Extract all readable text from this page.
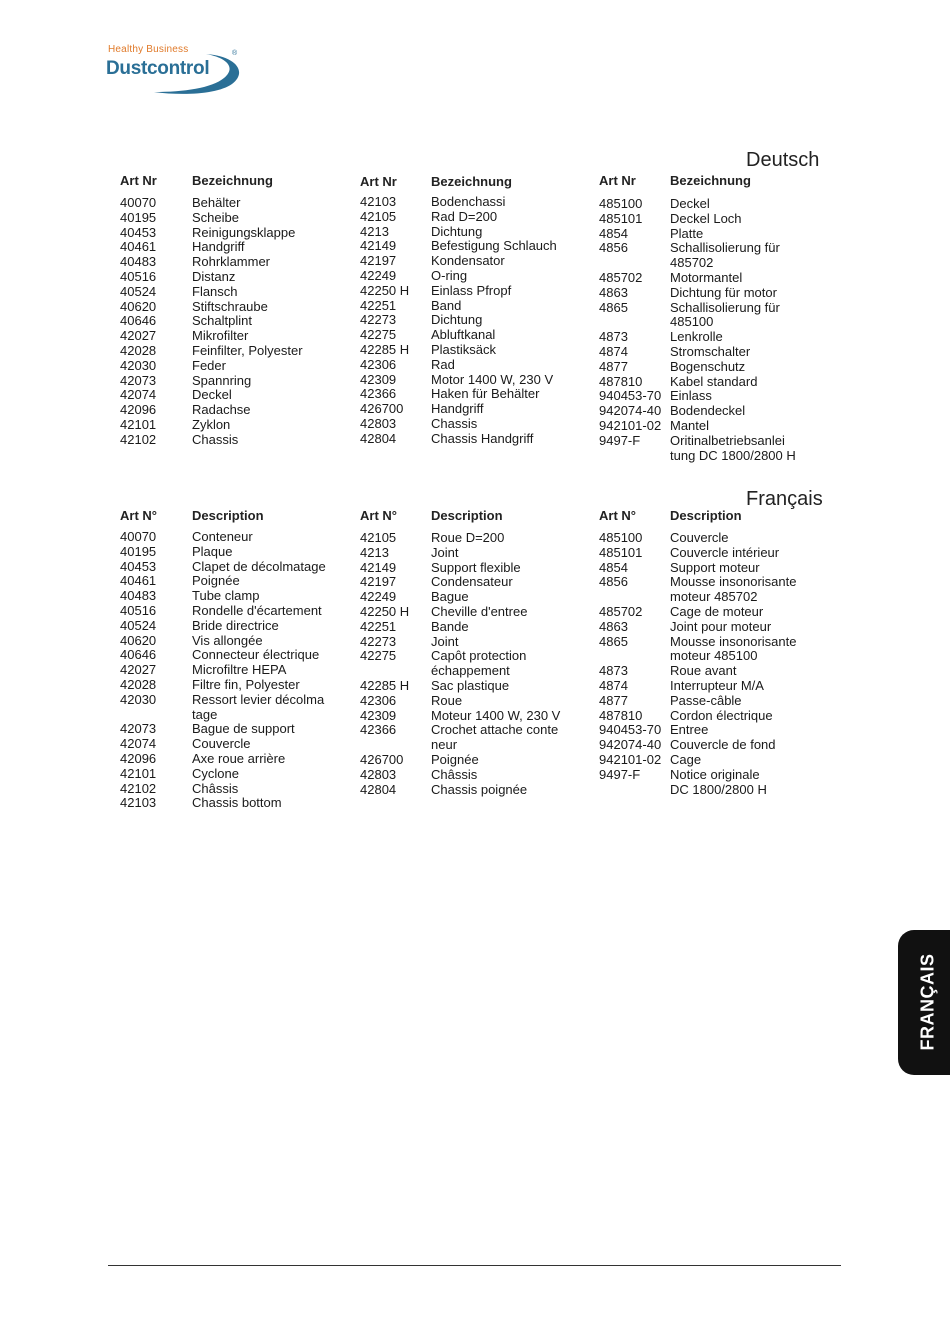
Healthy Business
Dustcontrol
®
Deutsch
Art Nr	Bezeichnung	Art Nr	Bezeichnung	Art Nr	Bezeichnung
40070	Behälter
40195	Scheibe
40453	Reinigungsklappe
40461	Handgriff
40483	Rohrklammer
40516	Distanz
40524	Flansch
40620	Stiftschraube
40646	Schaltplint
42027	Mikrofilter
42028	Feinfilter, Polyester
42030	Feder
42073	Spannring
42074	Deckel
42096	Radachse
42101	Zyklon
42102	Chassis
42103	Bodenchassi
42105	Rad D=200
4213	Dichtung
42149	Befestigung Schlauch
42197	Kondensator
42249	O-ring
42250 H Einlass Pfropf
42251	Band
42273	Dichtung
42275	Abluftkanal
42285 H Plastiksäck
42306	Rad
42309	Motor 1400 W, 230 V
42366	Haken für Behälter
426700 Handgriff
42803	Chassis
42804	Chassis Handgriff
485100 Deckel
485101 Deckel Loch
4854	Platte
4856	Schallisolierung für
485702
485702 Motormantel
4863	Dichtung für motor
4865	Schallisolierung für
485100
4873	Lenkrolle
4874	Stromschalter
4877	Bogenschutz
487810 Kabel standard
940453-70 Einlass
942074-40 Bodendeckel
942101-02 Mantel
9497-F Oritinalbetriebsanlei
tung DC 1800/2800 H
Français
Art N°	Description	Art N°	Description	Art N°	Description
40070	Conteneur
40195	Plaque
40453	Clapet de décolmatage
40461	Poignée
40483	Tube clamp
40516	Rondelle d'écartement
40524	Bride directrice
40620	Vis allongée
40646	Connecteur électrique
42027	Microfiltre HEPA
42028	Filtre fin, Polyester
42030	Ressort levier décolma
tage
42073	Bague de support
42074	Couvercle
42096	Axe roue arrière
42101	Cyclone
42102	Châssis
42103	Chassis bottom
42105	Roue D=200
4213	Joint
42149	Support flexible
42197	Condensateur
42249	Bague
42250 H Cheville d'entree
42251	Bande
42273	Joint
42275	Capôt protection
échappement
42285 H Sac plastique
42306	Roue
42309	Moteur 1400 W, 230 V
42366	Crochet attache conte
neur
426700 Poignée
42803	Châssis
42804	Chassis poignée
485100 Couvercle
485101 Couvercle intérieur
4854	Support moteur
4856	Mousse insonorisante
moteur 485702
485702 Cage de moteur
4863	Joint pour moteur
4865	Mousse insonorisante
moteur 485100
4873	Roue avant
4874	Interrupteur M/A
4877	Passe-câble
487810 Cordon électrique
940453-70 Entree
942074-40 Couvercle de fond
942101-02 Cage
9497-F Notice originale
DC 1800/2800 H
FRANÇAIS
